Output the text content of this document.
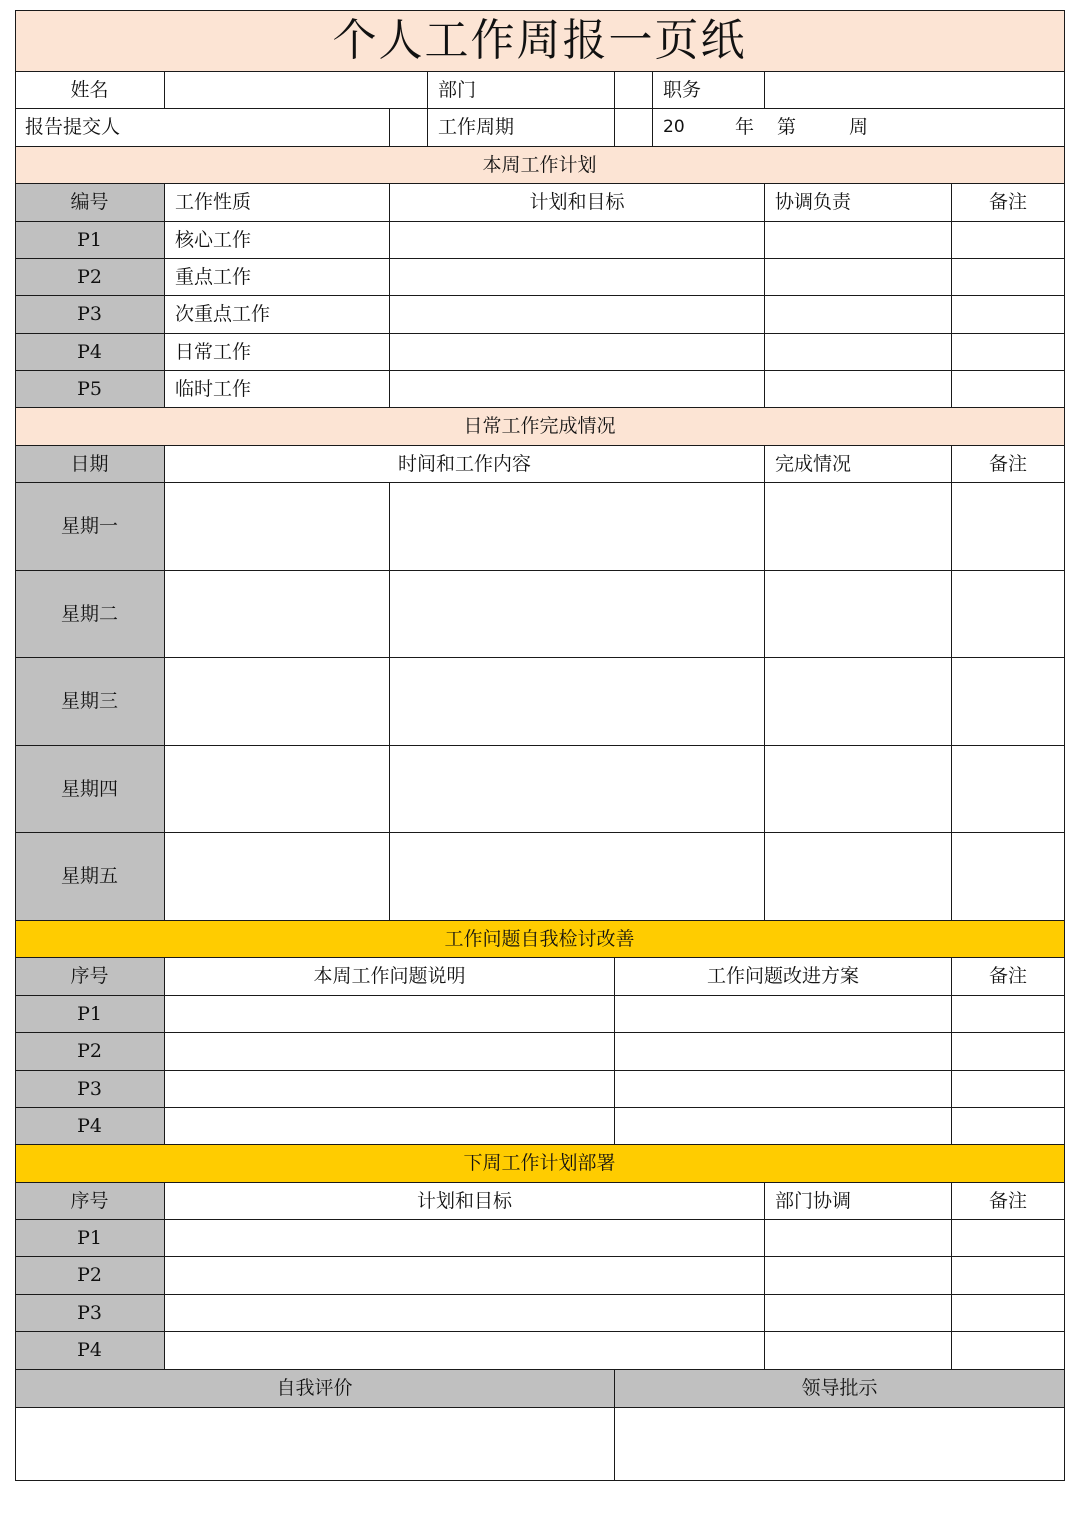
个人工作周报一页纸
姓名	部门	职务
报告提交人	工作周期	20	年	第	周
本周工作计划
编号	工作性质	计划和目标	协调负责	备注
P1	核心工作
P2	重点工作
P3	次重点工作
P4	日常工作
P5	临时工作
日常工作完成情况
日期	时间和工作内容	完成情况	备注
星期一
星期二
星期三
星期四
星期五
工作问题自我检讨改善
序号	本周工作问题说明	工作问题改进方案	备注
P1
P2
P3
P4
下周工作计划部署
序号	计划和目标	部门协调	备注
P1
P2
P3
P4
自我评价	领导批示
